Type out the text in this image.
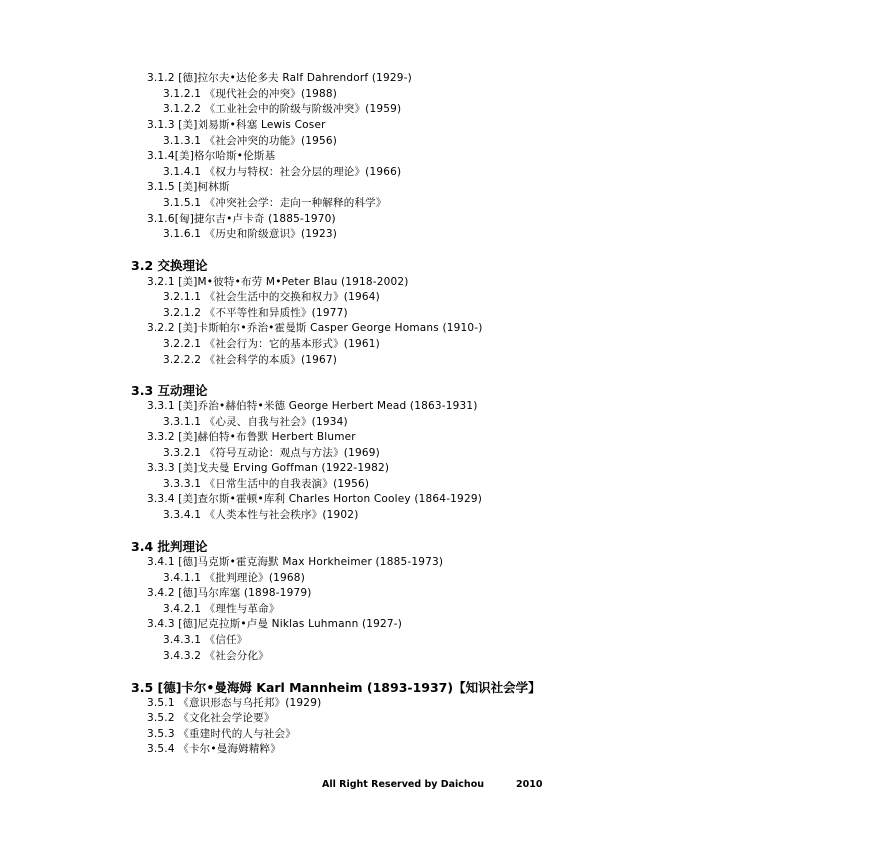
3.1.2 [德]拉尔夫•达伦多夫 Ralf Dahrendorf (1929-)
3.1.2.1 《现代社会的冲突》(1988)
3.1.2.2 《工业社会中的阶级与阶级冲突》(1959)
3.1.3 [美]刘易斯•科塞 Lewis Coser
3.1.3.1 《社会冲突的功能》(1956)
3.1.4[美]格尔哈斯•伦斯基
3.1.4.1 《权力与特权：社会分层的理论》(1966)
3.1.5 [美]柯林斯
3.1.5.1 《冲突社会学：走向一种解释的科学》
3.1.6[匈]捷尔吉•卢卡奇 (1885-1970)
3.1.6.1 《历史和阶级意识》(1923)
3.2 交换理论
3.2.1 [美]M•彼特•布劳 M•Peter Blau (1918-2002)
3.2.1.1 《社会生活中的交换和权力》(1964)
3.2.1.2 《不平等性和异质性》(1977)
3.2.2 [美]卡斯帕尔•乔治•霍曼斯 Casper George Homans (1910-)
3.2.2.1 《社会行为：它的基本形式》(1961)
3.2.2.2 《社会科学的本质》(1967)
3.3 互动理论
3.3.1 [美]乔治•赫伯特•米德 George Herbert Mead (1863-1931)
3.3.1.1 《心灵、自我与社会》(1934)
3.3.2 [美]赫伯特•布鲁默 Herbert Blumer
3.3.2.1 《符号互动论：观点与方法》(1969)
3.3.3 [美]戈夫曼 Erving Goffman (1922-1982)
3.3.3.1 《日常生活中的自我表演》(1956)
3.3.4 [美]查尔斯•霍顿•库利 Charles Horton Cooley (1864-1929)
3.3.4.1 《人类本性与社会秩序》(1902)
3.4 批判理论
3.4.1 [德]马克斯•霍克海默 Max Horkheimer (1885-1973)
3.4.1.1 《批判理论》(1968)
3.4.2 [德]马尔库塞 (1898-1979)
3.4.2.1 《理性与革命》
3.4.3 [德]尼克拉斯•卢曼 Niklas Luhmann (1927-)
3.4.3.1 《信任》
3.4.3.2 《社会分化》
3.5 [德]卡尔•曼海姆 Karl Mannheim (1893-1937)【知识社会学】
3.5.1 《意识形态与乌托邦》(1929)
3.5.2 《文化社会学论要》
3.5.3 《重建时代的人与社会》
3.5.4 《卡尔•曼海姆精粹》
All Right Reserved by Daichou	2010
